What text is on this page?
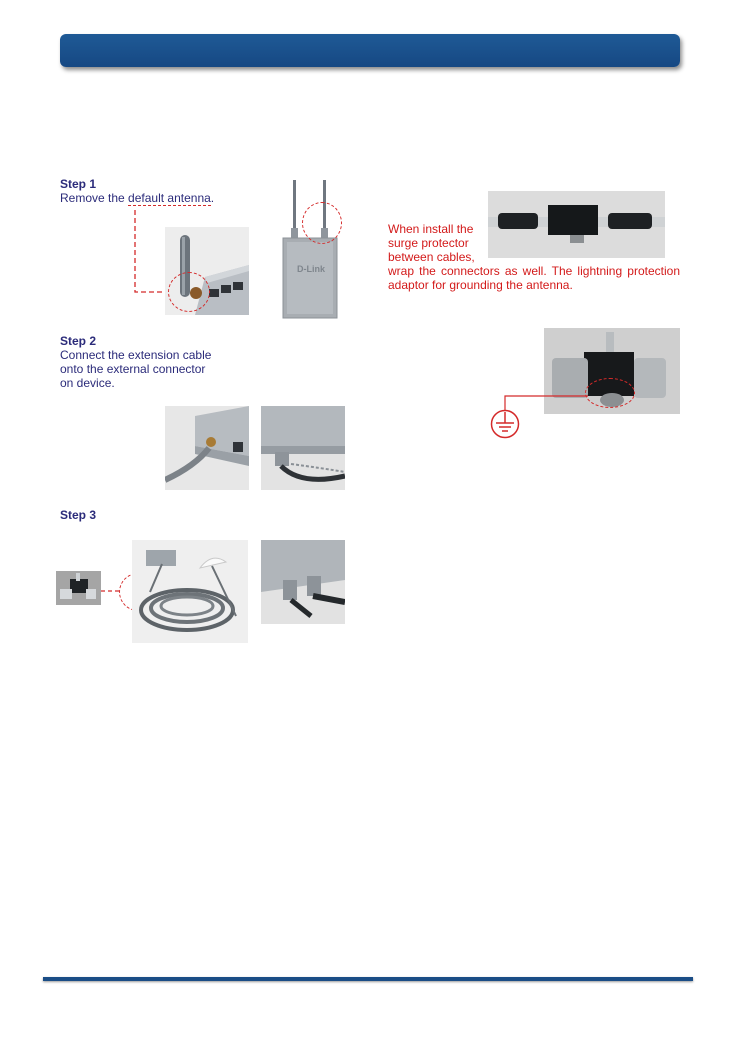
Step 1
Remove the default antenna.
D-Link
Step 2
Connect the extension cable
onto the external connector
on device.
Step 3
When install the
surge protector
between cables,
wrap the connectors as well. The lightning protection adaptor for grounding the antenna.
